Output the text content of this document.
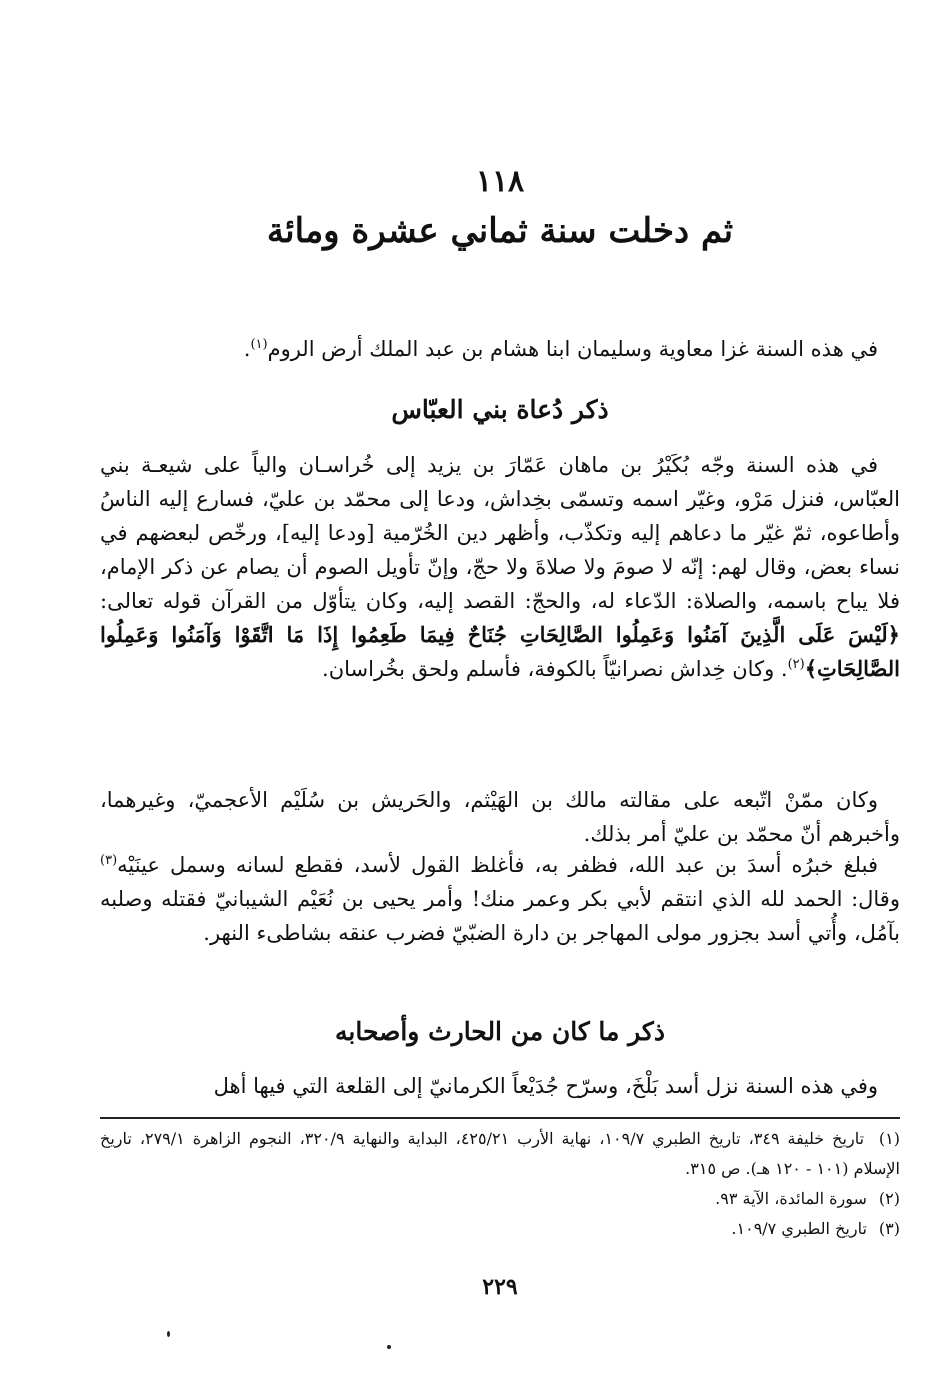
١١٨
ثم دخلت سنة ثماني عشرة ومائة

في هذه السنة غزا معاوية وسليمان ابنا هشام بن عبد الملك أرض الروم$^{(١)}$.

ذكر دُعاة بني العبّاس

في هذه السنة وجّه بُكَيْرُ بن ماهان عَمّارَ بن يزيد إلى خُراسـان والياً على شيعـة بني العبّاس، فنزل مَرْو، وغيّر اسمه وتسمّى بخِداش، ودعا إلى محمّد بن عليّ، فسارع إليه الناسُ وأطاعوه، ثمّ غيّر ما دعاهم إليه وتكذّب، وأظهر دين الخُرّمية [ودعا إليه]، ورخّص لبعضهم في نساء بعض، وقال لهم: إنّه لا صومَ ولا صلاةَ ولا حجّ، وإنّ تأويل الصوم أن يصام عن ذكر الإمام، فلا يباح باسمه، والصلاة: الدّعاء له، والحجّ: القصد إليه، وكان يتأوّل من القرآن قوله تعالى: ﴿لَيْسَ عَلَى الَّذِينَ آمَنُوا وَعَمِلُوا الصَّالِحَاتِ جُنَاحٌ فِيمَا طَعِمُوا إِذَا مَا اتَّقَوْا وَآمَنُوا وَعَمِلُوا الصَّالِحَاتِ﴾$^{(٢)}$. وكان خِداش نصرانيّاً بالكوفة، فأسلم ولحق بخُراسان.

وكان ممّنْ اتّبعه على مقالته مالك بن الهَيْثم، والحَريش بن سُلَيْم الأعجميّ، وغيرهما، وأخبرهم أنّ محمّد بن عليّ أمر بذلك.

فبلغ خبرُه أسدَ بن عبد الله، فظفر به، فأغلظ القول لأسد، فقطع لسانه وسمل عينَيْه$^{(٣)}$ وقال: الحمد لله الذي انتقم لأبي بكر وعمر منك! وأمر يحيى بن نُعَيْم الشيبانيّ فقتله وصلبه بآمُل، وأُتي أسد بجزور مولى المهاجر بن دارة الضبّيّ فضرب عنقه بشاطىء النهر.

ذكر ما كان من الحارث وأصحابه

وفي هذه السنة نزل أسد بَلْخَ، وسرّح جُدَيْعاً الكرمانيّ إلى القلعة التي فيها أهل

(١) تاريخ خليفة ٣٤٩، تاريخ الطبري ١٠٩/٧، نهاية الأرب ٤٢٥/٢١، البداية والنهاية ٣٢٠/٩، النجوم الزاهرة ٢٧٩/١، تاريخ الإسلام (١٠١ - ١٢٠ هـ). ص ٣١٥.
(٢) سورة المائدة، الآية ٩٣.
(٣) تاريخ الطبري ١٠٩/٧.
٢٢٩
